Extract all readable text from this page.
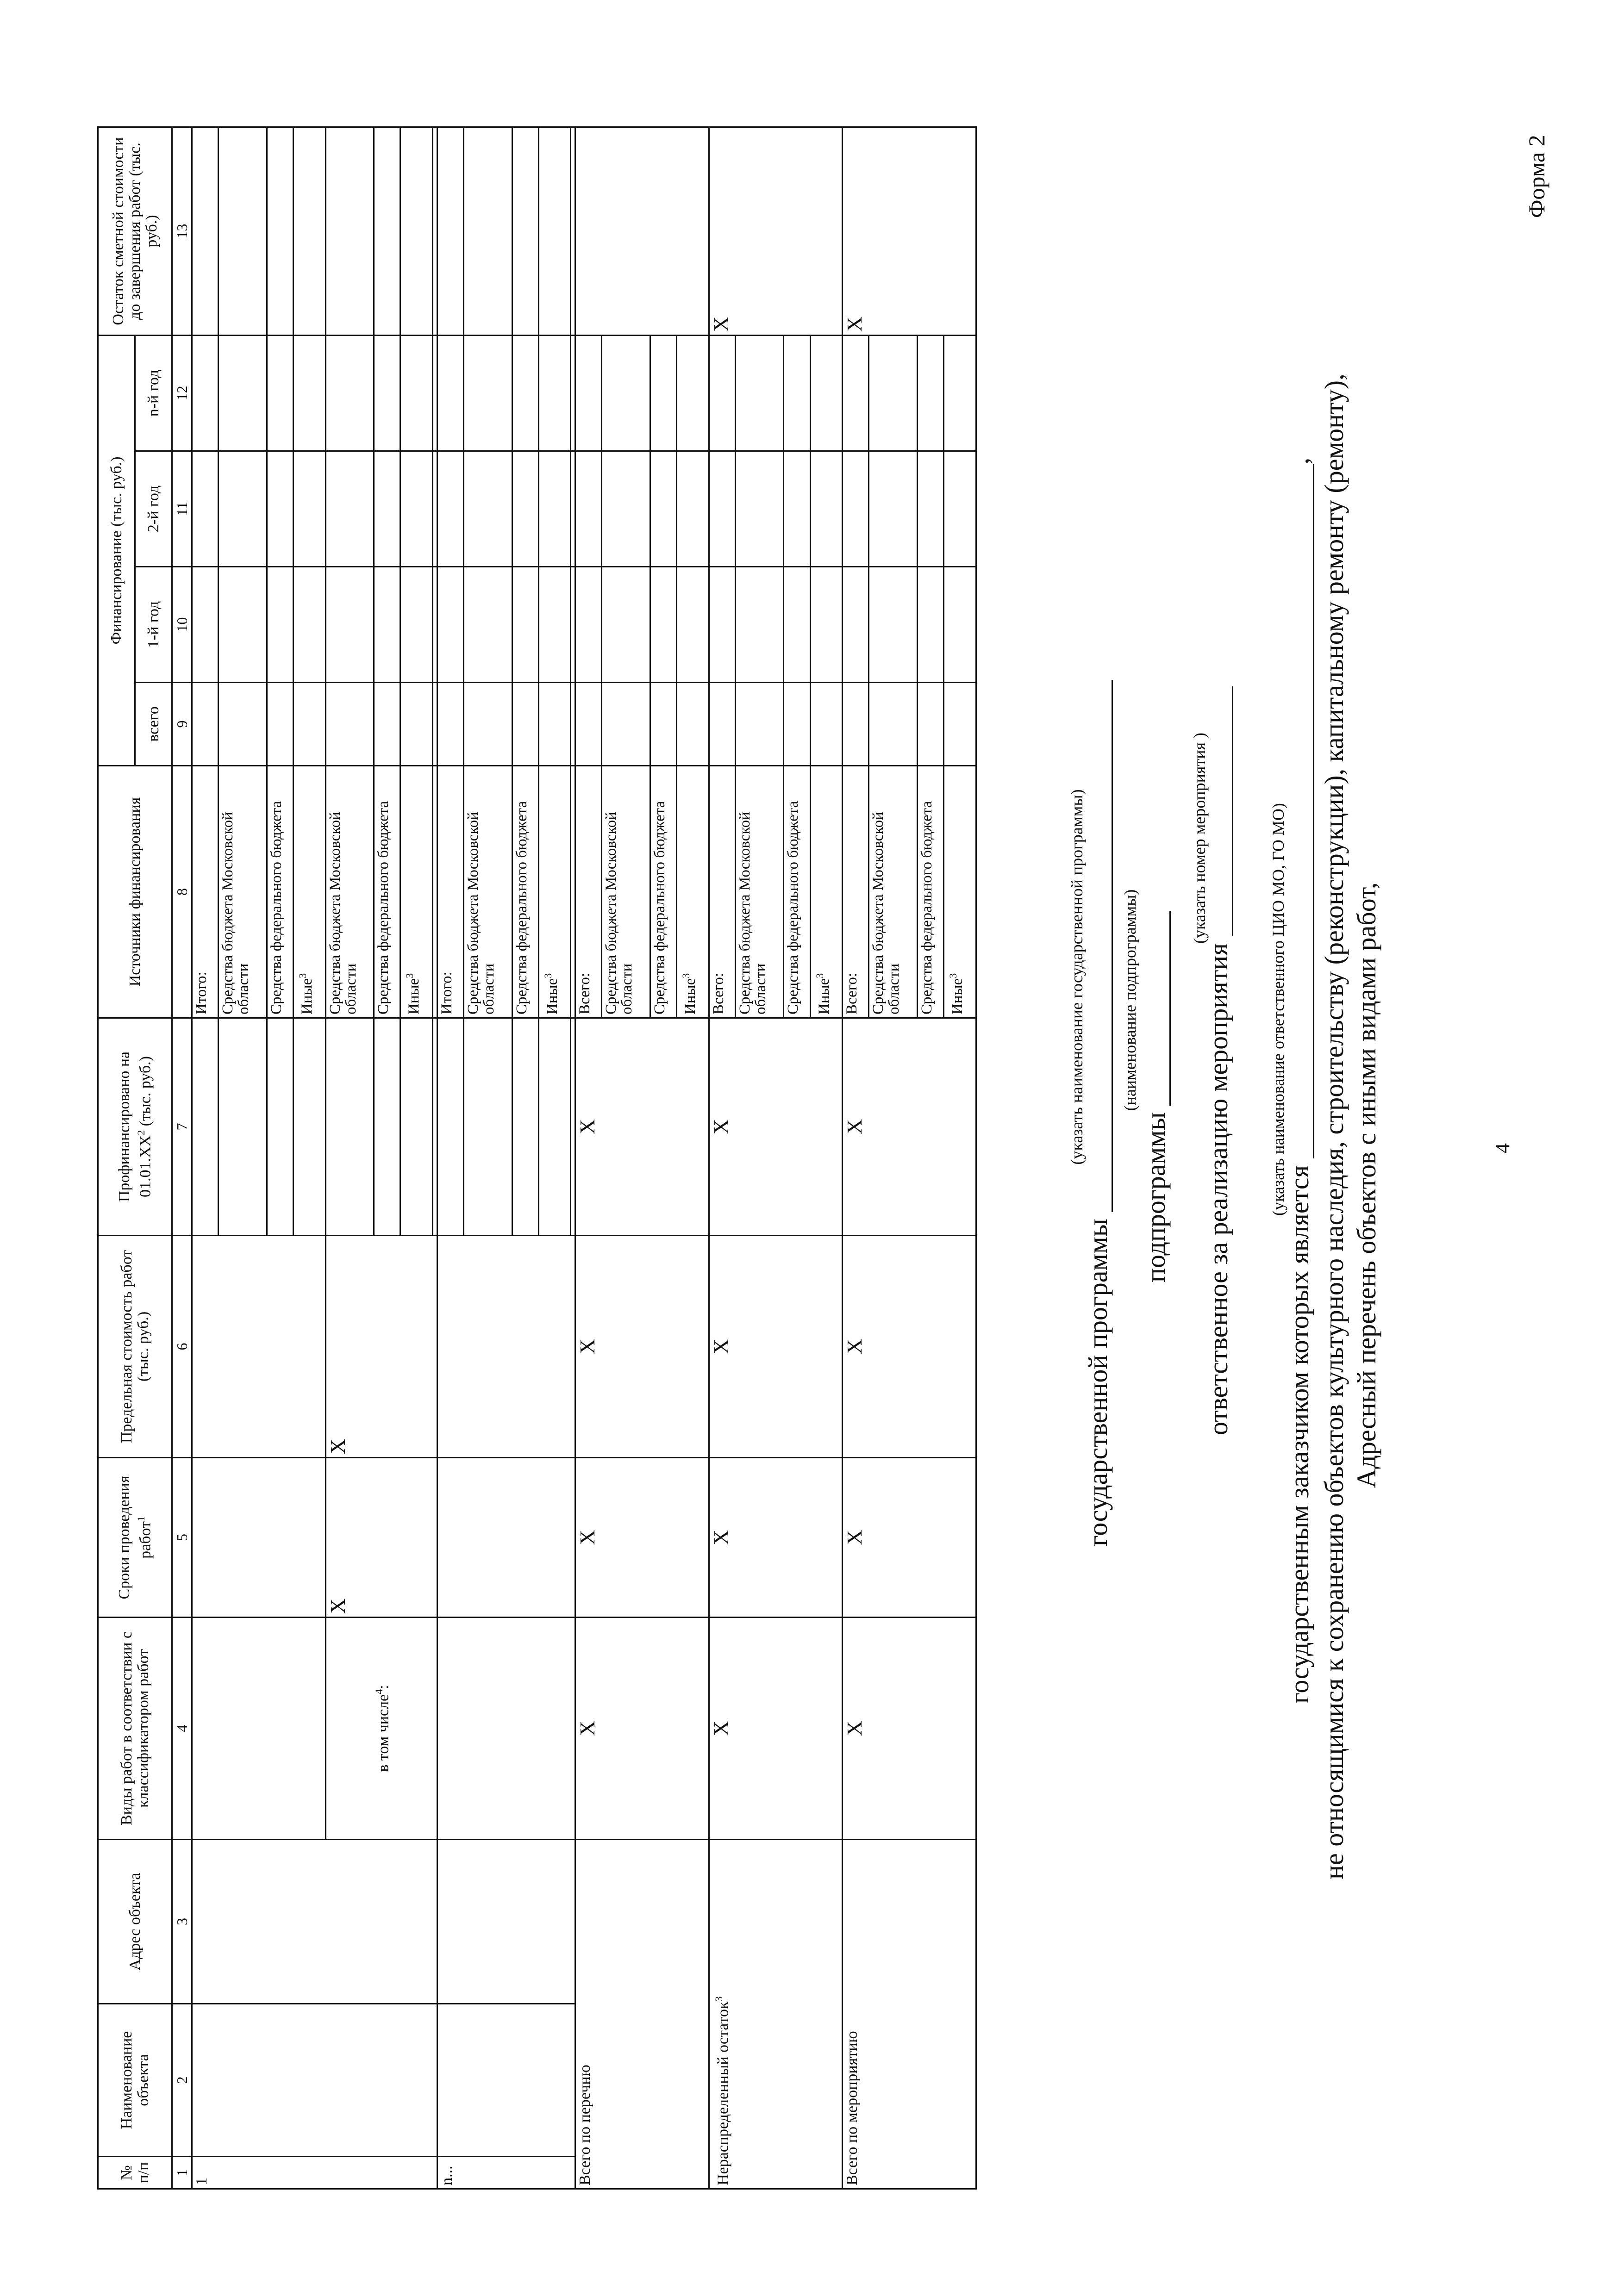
4
Форма 2
Адресный перечень объектов с иными видами работ,
не относящимися к сохранению объектов культурного наследия, строительству (реконструкции), капитальному ремонту (ремонту),
государственным заказчиком которых является ,
(указать наименование ответственного ЦИО МО, ГО МО)
ответственное за реализацию мероприятия
(указать номер мероприятия )
подпрограммы
(наименование подпрограммы)
государственной программы
(указать наименование государственной программы)
№ п/п	Наименование объекта	Адрес объекта	Виды работ в соответствии с классификатором работ	Сроки проведения работ$^1$	Предельная стоимость работ (тыс. руб.)	Профинансировано на $01.01.ХХ^2$ (тыс. руб.)	Источники финансирования	Финансирование (тыс. руб.)				Остаток сметной стоимости до завершения работ (тыс. руб.)
								всего	1-й год	2-й год	n-й год	
1	2	3	4	5	6	7	8	9	10	11	12	13
1							Итого:					
							Средства бюджета Московской области					
							Средства федерального бюджета					
							Иные$^3$					
			в том числе$^4$:	Х	Х		Средства бюджета Московской области					
							Средства федерального бюджета					
							Иные$^3$					

n...							Итого:					
							Средства бюджета Московской области					
							Средства федерального бюджета					
							Иные$^3$					

Всего по перечню			Х	Х	Х	Х	Всего:					
							Средства бюджета Московской области					
							Средства федерального бюджета					
							Иные$^3$				
Нераспределенный остаток$^3$			Х	Х	Х	Х	Всего:					Х
							Средства бюджета Московской области					
							Средства федерального бюджета					
							Иные$^3$				
Всего по мероприятию			Х	Х	Х	Х	Всего:					Х
							Средства бюджета Московской области					
							Средства федерального бюджета					
							Иные$^3$				
